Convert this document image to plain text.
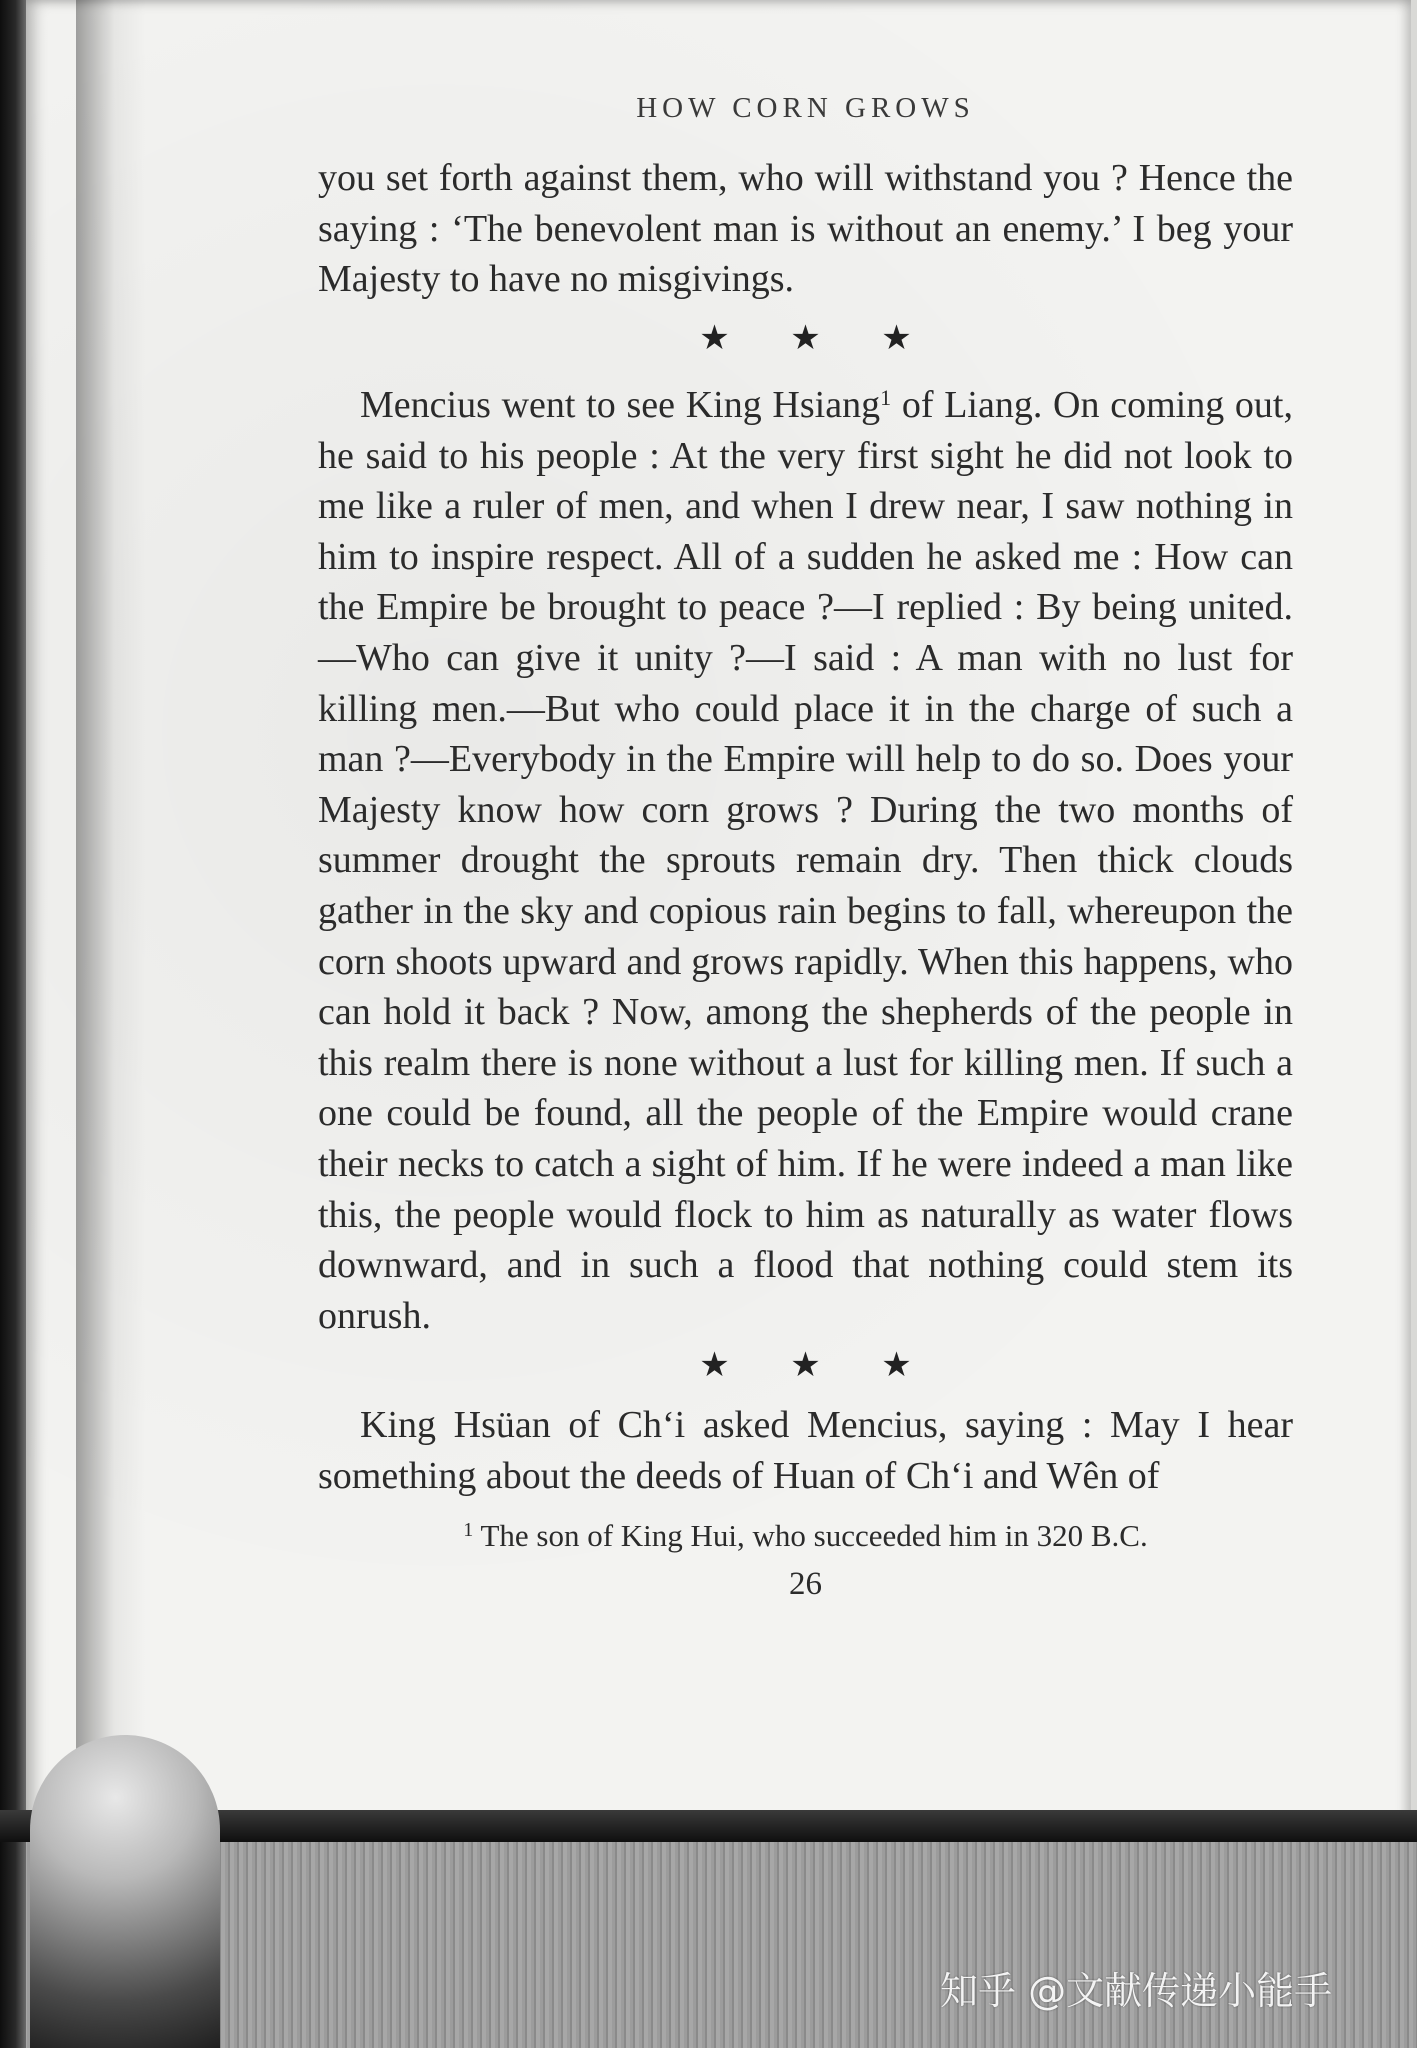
HOW CORN GROWS

you set forth against them, who will withstand you ? Hence the saying : ‘The benevolent man is without an enemy.’ I beg your Majesty to have no misgivings.

★ ★ ★

Mencius went to see King Hsiang$^1$ of Liang. On coming out, he said to his people : At the very first sight he did not look to me like a ruler of men, and when I drew near, I saw nothing in him to inspire respect. All of a sudden he asked me : How can the Empire be brought to peace ?—I replied : By being united.—Who can give it unity ?—I said : A man with no lust for killing men.—But who could place it in the charge of such a man ?—Everybody in the Empire will help to do so. Does your Majesty know how corn grows ? During the two months of summer drought the sprouts remain dry. Then thick clouds gather in the sky and copious rain begins to fall, whereupon the corn shoots upward and grows rapidly. When this happens, who can hold it back ? Now, among the shepherds of the people in this realm there is none without a lust for killing men. If such a one could be found, all the people of the Empire would crane their necks to catch a sight of him. If he were indeed a man like this, the people would flock to him as naturally as water flows downward, and in such a flood that nothing could stem its onrush.

★ ★ ★

King Hsüan of Ch‘i asked Mencius, saying : May I hear something about the deeds of Huan of Ch‘i and Wên of

$^1$ The son of King Hui, who succeeded him in 320 B.C.
26
知乎 @文献传递小能手
